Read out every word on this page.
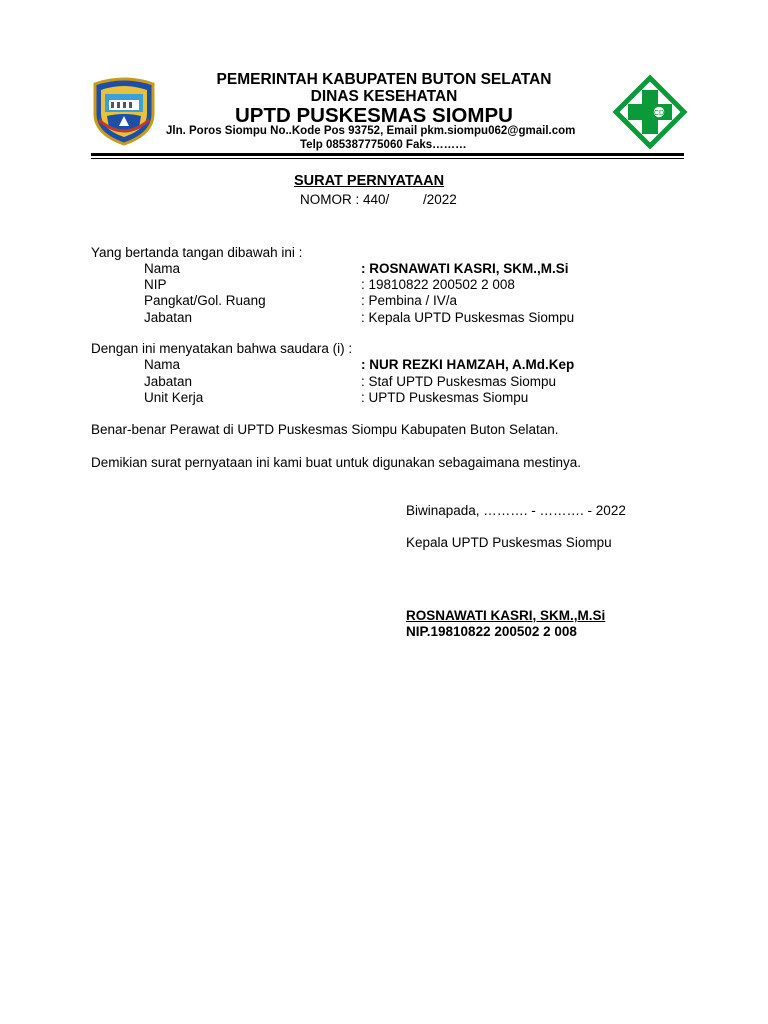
CD
PEMERINTAH KABUPATEN BUTON SELATAN
DINAS KESEHATAN
UPTD PUSKESMAS SIOMPU
Jln. Poros Siompu No..Kode Pos 93752, Email pkm.siompu062@gmail.com
Telp 085387775060 Faks………
SURAT PERNYATAAN
NOMOR : 440/         /2022
Yang bertanda tangan dibawah ini :
Nama	: ROSNAWATI KASRI, SKM.,M.Si
NIP	: 19810822 200502 2 008
Pangkat/Gol. Ruang	: Pembina / IV/a
Jabatan	: Kepala UPTD Puskesmas Siompu
Dengan ini menyatakan bahwa saudara (i) :
Nama	: NUR REZKI HAMZAH, A.Md.Kep
Jabatan	: Staf UPTD Puskesmas Siompu
Unit Kerja	: UPTD Puskesmas Siompu
Benar-benar Perawat di UPTD Puskesmas Siompu Kabupaten Buton Selatan.
Demikian surat pernyataan ini kami buat untuk digunakan sebagaimana mestinya.
Biwinapada, ………. - ………. - 2022
Kepala UPTD Puskesmas Siompu
ROSNAWATI KASRI, SKM.,M.Si
NIP.19810822 200502 2 008
